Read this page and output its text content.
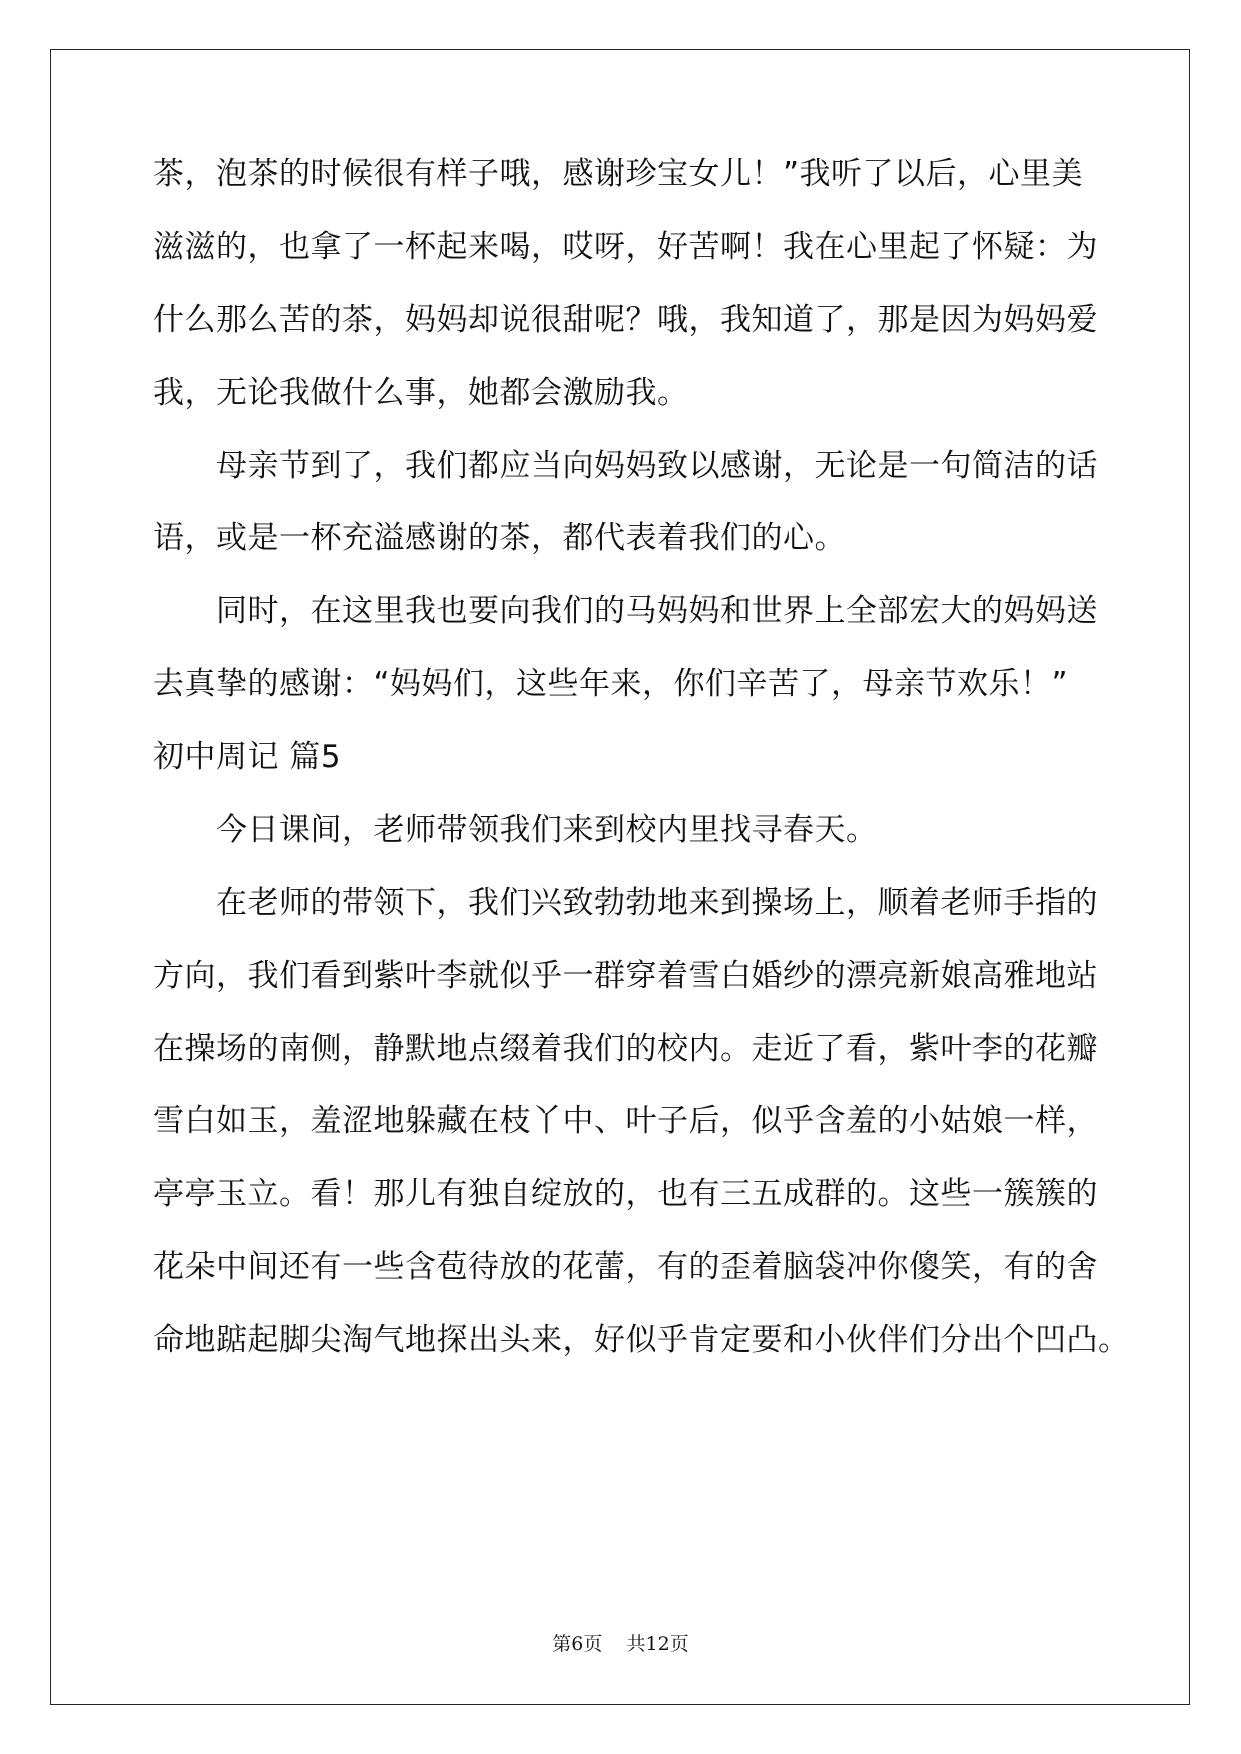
茶，泡茶的时候很有样子哦，感谢珍宝女儿！”我听了以后，心里美
滋滋的，也拿了一杯起来喝，哎呀，好苦啊！我在心里起了怀疑：为
什么那么苦的茶，妈妈却说很甜呢？哦，我知道了，那是因为妈妈爱
我，无论我做什么事，她都会激励我。
　　母亲节到了，我们都应当向妈妈致以感谢，无论是一句简洁的话
语，或是一杯充溢感谢的茶，都代表着我们的心。
　　同时，在这里我也要向我们的马妈妈和世界上全部宏大的妈妈送
去真挚的感谢：“妈妈们，这些年来，你们辛苦了，母亲节欢乐！”
初中周记 篇5
　　今日课间，老师带领我们来到校内里找寻春天。
　　在老师的带领下，我们兴致勃勃地来到操场上，顺着老师手指的
方向，我们看到紫叶李就似乎一群穿着雪白婚纱的漂亮新娘高雅地站
在操场的南侧，静默地点缀着我们的校内。走近了看，紫叶李的花瓣
雪白如玉，羞涩地躲藏在枝丫中、叶子后，似乎含羞的小姑娘一样，
亭亭玉立。看！那儿有独自绽放的，也有三五成群的。这些一簇簇的
花朵中间还有一些含苞待放的花蕾，有的歪着脑袋冲你傻笑，有的舍
命地踮起脚尖淘气地探出头来，好似乎肯定要和小伙伴们分出个凹凸。
第6页 共12页
